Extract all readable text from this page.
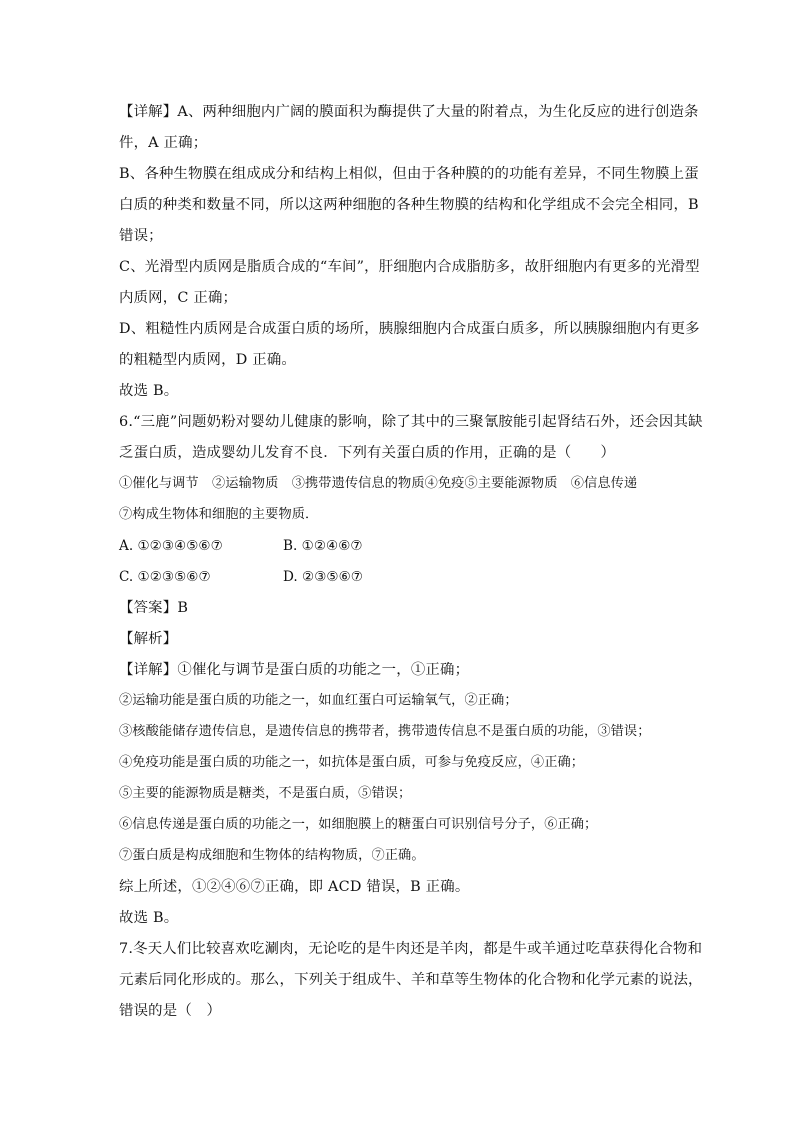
【详解】A、两种细胞内广阔的膜面积为酶提供了大量的附着点，为生化反应的进行创造条
件，A 正确；
B、各种生物膜在组成成分和结构上相似，但由于各种膜的的功能有差异，不同生物膜上蛋
白质的种类和数量不同，所以这两种细胞的各种生物膜的结构和化学组成不会完全相同，B
错误；
C、光滑型内质网是脂质合成的“车间”，肝细胞内合成脂肪多，故肝细胞内有更多的光滑型
内质网，C 正确；
D、粗糙性内质网是合成蛋白质的场所，胰腺细胞内合成蛋白质多，所以胰腺细胞内有更多
的粗糙型内质网，D 正确。
故选 B。
6.“三鹿”问题奶粉对婴幼儿健康的影响，除了其中的三聚氰胺能引起肾结石外，还会因其缺
乏蛋白质，造成婴幼儿发育不良．下列有关蛋白质的作用，正确的是（　　）
①催化与调节　②运输物质　③携带遗传信息的物质④免疫⑤主要能源物质　⑥信息传递
⑦构成生物体和细胞的主要物质．
A. ①②③④⑤⑥⑦	B. ①②④⑥⑦
C. ①②③⑤⑥⑦	D. ②③⑤⑥⑦
【答案】B
【解析】
【详解】①催化与调节是蛋白质的功能之一，①正确；
②运输功能是蛋白质的功能之一，如血红蛋白可运输氧气，②正确；
③核酸能储存遗传信息，是遗传信息的携带者，携带遗传信息不是蛋白质的功能，③错误；
④免疫功能是蛋白质的功能之一，如抗体是蛋白质，可参与免疫反应，④正确；
⑤主要的能源物质是糖类，不是蛋白质，⑤错误；
⑥信息传递是蛋白质的功能之一，如细胞膜上的糖蛋白可识别信号分子，⑥正确；
⑦蛋白质是构成细胞和生物体的结构物质，⑦正确。
综上所述，①②④⑥⑦正确，即 ACD 错误，B 正确。
故选 B。
7.冬天人们比较喜欢吃涮肉，无论吃的是牛肉还是羊肉，都是牛或羊通过吃草获得化合物和
元素后同化形成的。那么，下列关于组成牛、羊和草等生物体的化合物和化学元素的说法，
错误的是（　）
